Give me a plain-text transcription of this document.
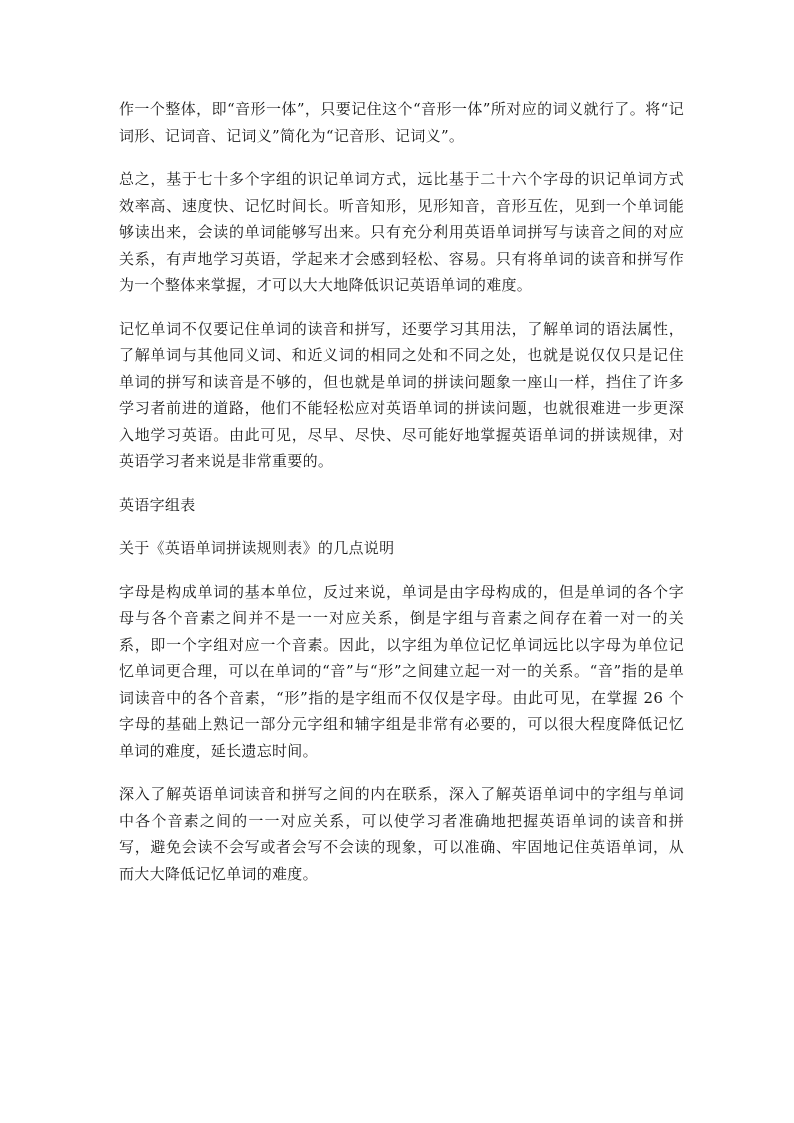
作一个整体，即“音形一体”，只要记住这个“音形一体”所对应的词义就行了。将“记词形、记词音、记词义”简化为“记音形、记词义”。

总之，基于七十多个字组的识记单词方式，远比基于二十六个字母的识记单词方式效率高、速度快、记忆时间长。听音知形，见形知音，音形互佐，见到一个单词能够读出来，会读的单词能够写出来。只有充分利用英语单词拼写与读音之间的对应关系，有声地学习英语，学起来才会感到轻松、容易。只有将单词的读音和拼写作为一个整体来掌握，才可以大大地降低识记英语单词的难度。

记忆单词不仅要记住单词的读音和拼写，还要学习其用法，了解单词的语法属性，了解单词与其他同义词、和近义词的相同之处和不同之处，也就是说仅仅只是记住单词的拼写和读音是不够的，但也就是单词的拼读问题象一座山一样，挡住了许多学习者前进的道路，他们不能轻松应对英语单词的拼读问题，也就很难进一步更深入地学习英语。由此可见，尽早、尽快、尽可能好地掌握英语单词的拼读规律，对英语学习者来说是非常重要的。

英语字组表

关于《英语单词拼读规则表》的几点说明

字母是构成单词的基本单位，反过来说，单词是由字母构成的，但是单词的各个字母与各个音素之间并不是一一对应关系，倒是字组与音素之间存在着一对一的关系，即一个字组对应一个音素。因此，以字组为单位记忆单词远比以字母为单位记忆单词更合理，可以在单词的“音”与“形”之间建立起一对一的关系。“音”指的是单词读音中的各个音素，“形”指的是字组而不仅仅是字母。由此可见，在掌握 26 个字母的基础上熟记一部分元字组和辅字组是非常有必要的，可以很大程度降低记忆单词的难度，延长遗忘时间。

深入了解英语单词读音和拼写之间的内在联系，深入了解英语单词中的字组与单词中各个音素之间的一一对应关系，可以使学习者准确地把握英语单词的读音和拼写，避免会读不会写或者会写不会读的现象，可以准确、牢固地记住英语单词，从而大大降低记忆单词的难度。
